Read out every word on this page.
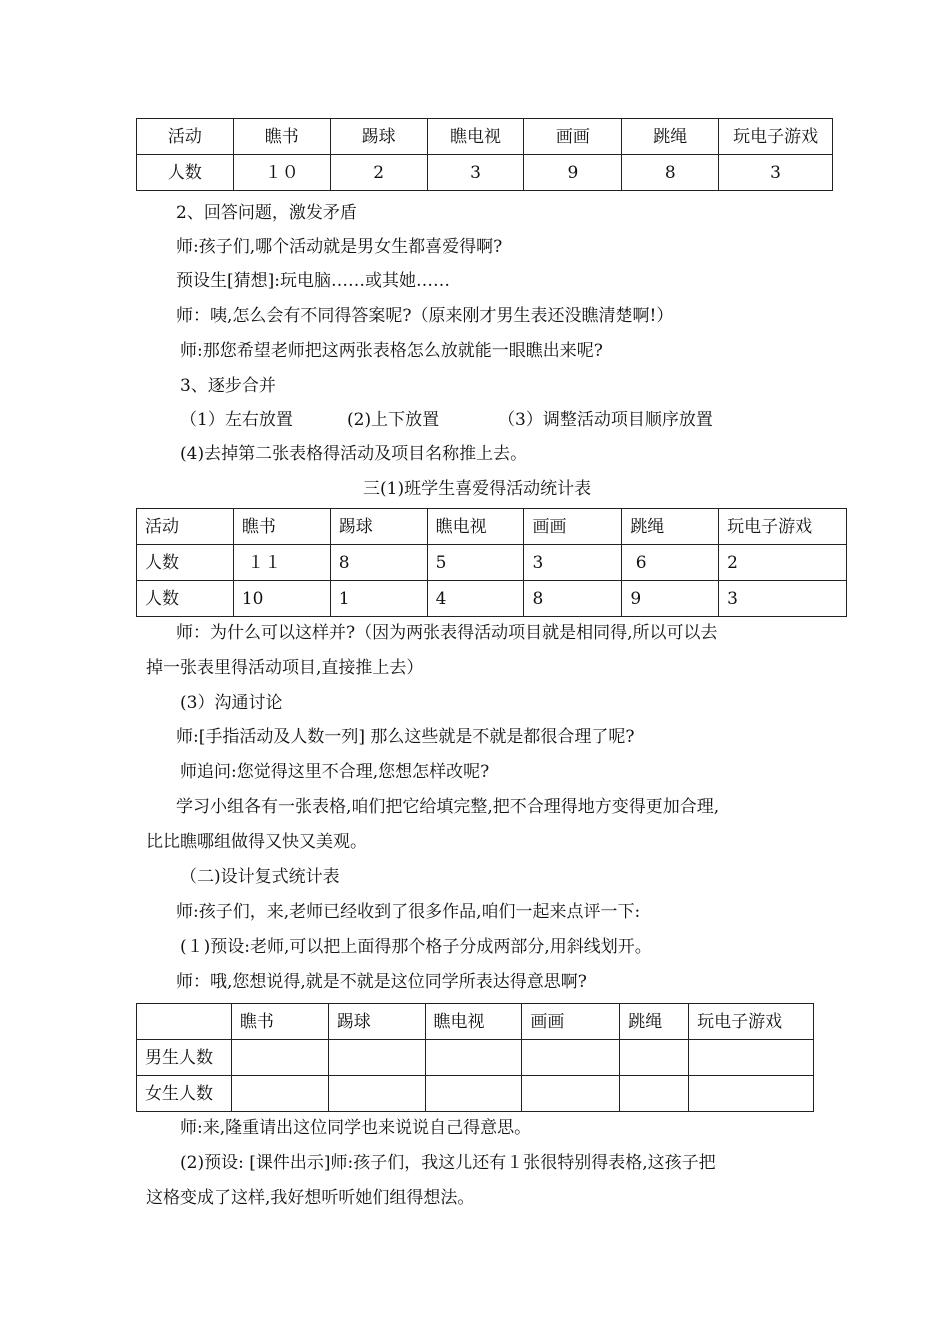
活动	瞧书	踢球	瞧电视	画画	跳绳	玩电子游戏
人数	１０	2	3	9	8	3
2、回答问题，激发矛盾
师:孩子们,哪个活动就是男女生都喜爱得啊?
预设生[猜想]:玩电脑……或其她……
师：咦,怎么会有不同得答案呢?（原来刚才男生表还没瞧清楚啊!）
师:那您希望老师把这两张表格怎么放就能一眼瞧出来呢?
3、逐步合并
（1）左右放置	(2)上下放置	（3）调整活动项目顺序放置
(4)去掉第二张表格得活动及项目名称推上去。
三(1)班学生喜爱得活动统计表
活动	瞧书	踢球	瞧电视	画画	跳绳	玩电子游戏
人数	１１	8	5	3	6	2
人数	10	1	4	8	9	3
师：为什么可以这样并?（因为两张表得活动项目就是相同得,所以可以去
掉一张表里得活动项目,直接推上去）
(3）沟通讨论
师:[手指活动及人数一列] 那么这些就是不就是都很合理了呢?
师追问:您觉得这里不合理,您想怎样改呢?
学习小组各有一张表格,咱们把它给填完整,把不合理得地方变得更加合理,
比比瞧哪组做得又快又美观。
（二)设计复式统计表
师:孩子们，来,老师已经收到了很多作品,咱们一起来点评一下:
(１)预设:老师,可以把上面得那个格子分成两部分,用斜线划开。
师：哦,您想说得,就是不就是这位同学所表达得意思啊?
	瞧书	踢球	瞧电视	画画	跳绳	玩电子游戏
男生人数						
女生人数						
师:来,隆重请出这位同学也来说说自己得意思。
(2)预设: [课件出示]师:孩子们，我这儿还有１张很特别得表格,这孩子把
这格变成了这样,我好想听听她们组得想法。
